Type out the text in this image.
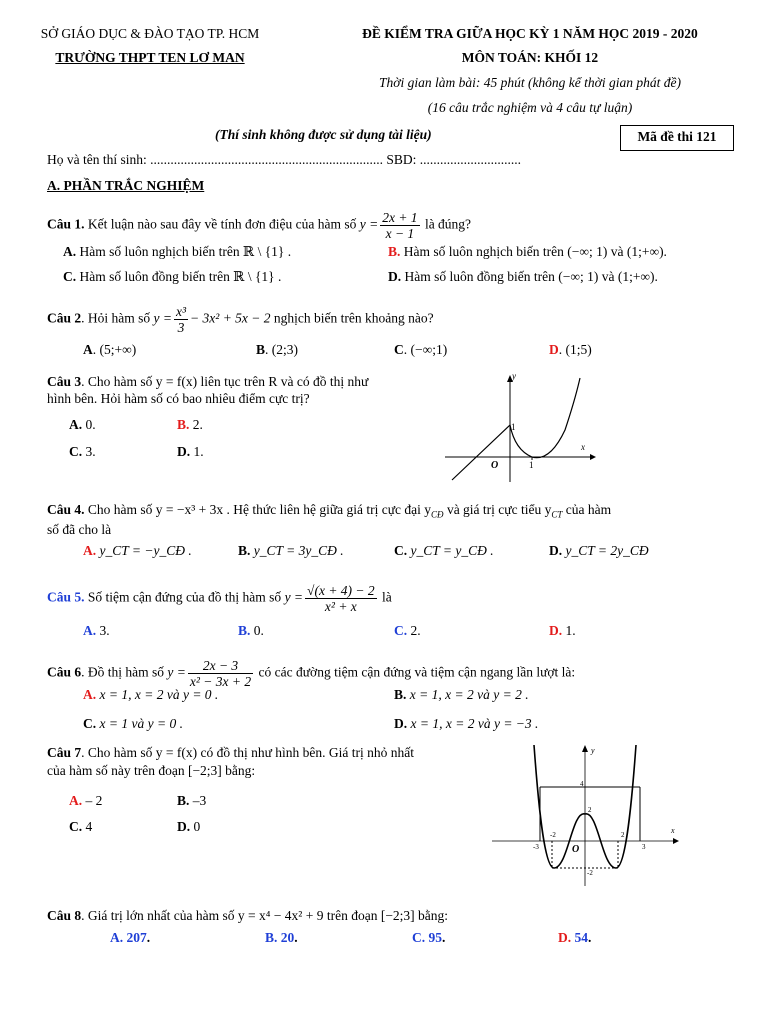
SỞ GIÁO DỤC & ĐÀO TẠO TP. HCM
TRƯỜNG THPT TEN LƠ MAN
ĐỀ KIỂM TRA GIỮA HỌC KỲ 1 NĂM HỌC 2019 - 2020
MÔN TOÁN: KHỐI 12
Thời gian làm bài: 45 phút (không kể thời gian phát đề)
(16 câu trắc nghiệm và 4 câu tự luận)
(Thí sinh không được sử dụng tài liệu)	Mã đề thi 121
Họ và tên thí sinh: ..................................................................... SBD: ..............................
A. PHẦN TRẮC NGHIỆM
Câu 1. Kết luận nào sau đây về tính đơn điệu của hàm số $y = \frac{2x + 1}{x - 1}$ là đúng?
A. Hàm số luôn nghịch biến trên ℝ \ {1} .	B. Hàm số luôn nghịch biến trên (−∞; 1) và (1;+∞).
C. Hàm số luôn đồng biến trên ℝ \ {1} .	D. Hàm số luôn đồng biến trên (−∞; 1) và (1;+∞).
Câu 2. Hỏi hàm số $y = \frac{\text{x³}}{3} - 3x^2 + 5x - 2$ nghịch biến trên khoảng nào?
A. (5;+∞)	B. (2;3)	C. (−∞;1)	D. (1;5)
Câu 3. Cho hàm số y = f(x) liên tục trên R và có đồ thị như
hình bên. Hỏi hàm số có bao nhiêu điểm cực trị?
A. 0.	B. 2.
C. 3.	D. 1.
y
x
O
1
1
Câu 4. Cho hàm số y = −x³ + 3x . Hệ thức liên hệ giữa giá trị cực đại $y_{CĐ}$ và giá trị cực tiểu $y_{CT}$ của hàm
số đã cho là
A. y_CT = −y_CĐ .	B. y_CT = 3y_CĐ .	C. y_CT = y_CĐ .	D. y_CT = 2y_CĐ
Câu 5. Số tiệm cận đứng của đồ thị hàm số $y = \frac{√(x + 4) - 2}{\text{x² + x}}$ là
A. 3.	B. 0.	C. 2.	D. 1.
Câu 6. Đồ thị hàm số $y = \frac{2x - 3}{\text{x² − 3x + 2}}$ có các đường tiệm cận đứng và tiệm cận ngang lần lượt là:
A. x = 1, x = 2 và y = 0 .	B. x = 1, x = 2 và y = 2 .
C. x = 1 và y = 0 .	D. x = 1, x = 2 và y = −3 .
Câu 7. Cho hàm số y = f(x) có đồ thị như hình bên. Giá trị nhỏ nhất
của hàm số này trên đoạn [−2;3] bằng:
A. – 2	B. –3
C. 4	D. 0
y
x
4
2
O
-2
-3
-2	2
3
Câu 8. Giá trị lớn nhất của hàm số y = x⁴ − 4x² + 9 trên đoạn [−2;3] bằng:
A. 207.	B. 20.	C. 95.	D. 54.
